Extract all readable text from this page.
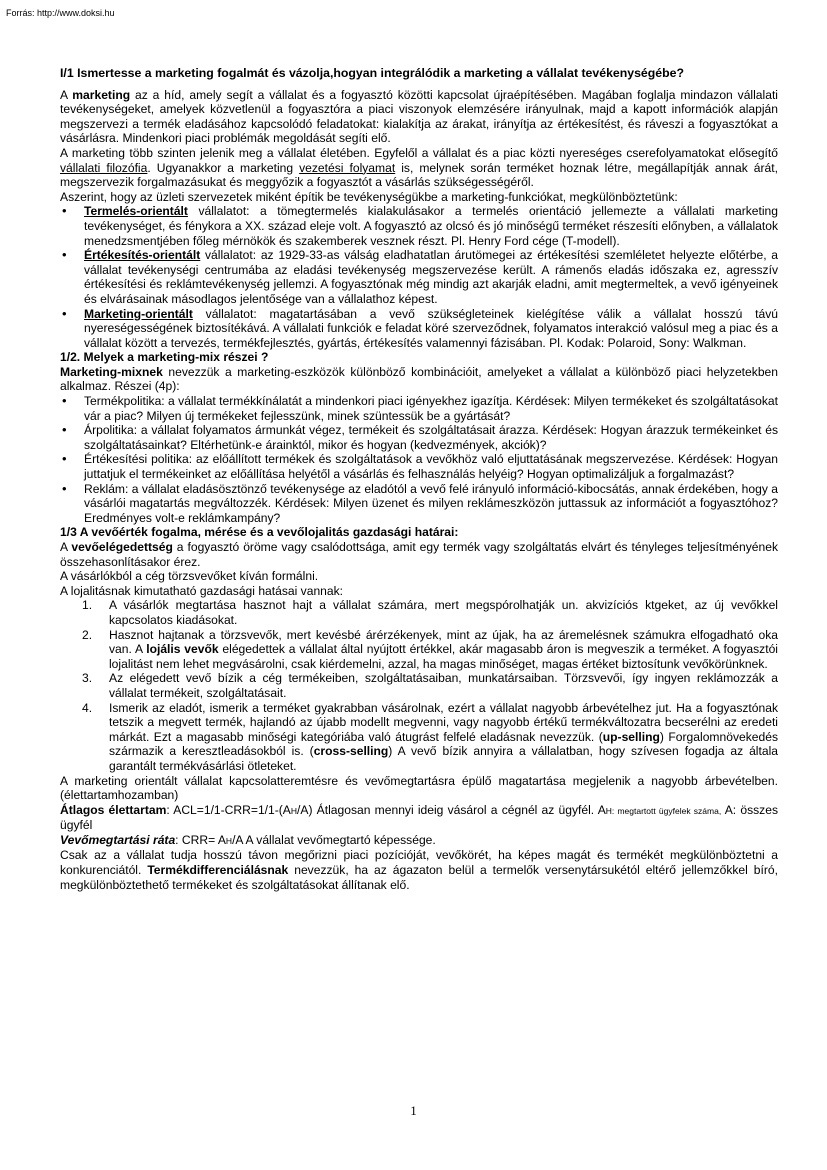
Forrás: http://www.doksi.hu

I/1 Ismertesse a marketing fogalmát és vázolja,hogyan integrálódik a marketing a vállalat tevékenységébe?

A marketing az a híd, amely segít a vállalat és a fogyasztó közötti kapcsolat újraépítésében. Magában foglalja mindazon vállalati tevékenységeket, amelyek közvetlenül a fogyasztóra a piaci viszonyok elemzésére irányulnak, majd a kapott információk alapján megszervezi a termék eladásához kapcsolódó feladatokat: kialakítja az árakat, irányítja az értékesítést, és ráveszi a fogyasztókat a vásárlásra. Mindenkori piaci problémák megoldását segíti elő.

A marketing több szinten jelenik meg a vállalat életében. Egyfelől a vállalat és a piac közti nyereséges cserefolyamatokat elősegítő vállalati filozófia. Ugyanakkor a marketing vezetési folyamat is, melynek során terméket hoznak létre, megállapítják annak árát, megszervezik forgalmazásukat és meggyőzik a fogyasztót a vásárlás szükségességéről.

Aszerint, hogy az üzleti szervezetek miként építik be tevékenységükbe a marketing-funkciókat, megkülönböztetünk:

• Termelés-orientált vállalatot: a tömegtermelés kialakulásakor a termelés orientáció jellemezte a vállalati marketing tevékenységet, és fénykora a XX. század eleje volt. A fogyasztó az olcsó és jó minőségű terméket részesíti előnyben, a vállalatok menedzsmentjében főleg mérnökök és szakemberek vesznek részt. Pl. Henry Ford cége (T-modell).
• Értékesítés-orientált vállalatot: az 1929-33-as válság eladhatatlan árutömegei az értékesítési szemléletet helyezte előtérbe, a vállalat tevékenységi centrumába az eladási tevékenység megszervezése került. A rámenős eladás időszaka ez, agresszív értékesítési és reklámtevékenység jellemzi. A fogyasztónak még mindig azt akarják eladni, amit megtermeltek, a vevő igényeinek és elvárásainak másodlagos jelentősége van a vállalathoz képest.
• Marketing-orientált vállalatot: magatartásában a vevő szükségleteinek kielégítése válik a vállalat hosszú távú nyereségességének biztosítékává. A vállalati funkciók e feladat köré szerveződnek, folyamatos interakció valósul meg a piac és a vállalat között a tervezés, termékfejlesztés, gyártás, értékesítés valamennyi fázisában. Pl. Kodak: Polaroid, Sony: Walkman.

1/2. Melyek a marketing-mix részei ?

Marketing-mixnek nevezzük a marketing-eszközök különböző kombinációit, amelyeket a vállalat a különböző piaci helyzetekben alkalmaz. Részei (4p):

• Termékpolitika: a vállalat termékkínálatát a mindenkori piaci igényekhez igazítja. Kérdések: Milyen termékeket és szolgáltatásokat vár a piac? Milyen új termékeket fejlesszünk, minek szüntessük be a gyártását?
• Árpolitika: a vállalat folyamatos ármunkát végez, termékeit és szolgáltatásait árazza. Kérdések: Hogyan árazzuk termékeinket és szolgáltatásainkat? Eltérhetünk-e árainktól, mikor és hogyan (kedvezmények, akciók)?
• Értékesítési politika: az előállított termékek és szolgáltatások a vevőkhöz való eljuttatásának megszervezése. Kérdések: Hogyan juttatjuk el termékeinket az előállítása helyétől a vásárlás és felhasználás helyéig? Hogyan optimalizáljuk a forgalmazást?
• Reklám: a vállalat eladásösztönző tevékenysége az eladótól a vevő felé irányuló információ-kibocsátás, annak érdekében, hogy a vásárlói magatartás megváltozzék. Kérdések: Milyen üzenet és milyen reklámeszközön juttassuk az információt a fogyasztóhoz? Eredményes volt-e reklámkampány?

1/3 A vevőérték fogalma, mérése és a vevőlojalitás gazdasági határai:

A vevőelégedettség a fogyasztó öröme vagy csalódottsága, amit egy termék vagy szolgáltatás elvárt és tényleges teljesítményének összehasonlításakor érez.

A vásárlókból a cég törzsvevőket kíván formálni.

A lojalitásnak kimutatható gazdasági hatásai vannak:

1. A vásárlók megtartása hasznot hajt a vállalat számára, mert megspórolhatják un. akvizíciós ktgeket, az új vevőkkel kapcsolatos kiadásokat.
2. Hasznot hajtanak a törzsvevők, mert kevésbé árérzékenyek, mint az újak, ha az áremelésnek számukra elfogadható oka van. A lojális vevők elégedettek a vállalat által nyújtott értékkel, akár magasabb áron is megveszik a terméket. A fogyasztói lojalitást nem lehet megvásárolni, csak kiérdemelni, azzal, ha magas minőséget, magas értéket biztosítunk vevőkörünknek.
3. Az elégedett vevő bízik a cég termékeiben, szolgáltatásaiban, munkatársaiban. Törzsvevői, így ingyen reklámozzák a vállalat termékeit, szolgáltatásait.
4. Ismerik az eladót, ismerik a terméket gyakrabban vásárolnak, ezért a vállalat nagyobb árbevételhez jut. Ha a fogyasztónak tetszik a megvett termék, hajlandó az újabb modellt megvenni, vagy nagyobb értékű termékváltozatra becserélni az eredeti márkát. Ezt a magasabb minőségi kategóriába való átugrást felfelé eladásnak nevezzük. (up-selling) Forgalomnövekedés származik a keresztleadásokból is. (cross-selling) A vevő bízik annyira a vállalatban, hogy szívesen fogadja az általa garantált termékvásárlási ötleteket.

A marketing orientált vállalat kapcsolatteremtésre és vevőmegtartásra épülő magatartása megjelenik a nagyobb árbevételben. (élettartamhozamban)

Átlagos élettartam: ACL=1/1-CRR=1/1-(AH/A) Átlagosan mennyi ideig vásárol a cégnél az ügyfél. AH: megtartott ügyfelek száma, A: összes ügyfél

Vevőmegtartási ráta: CRR= AH/A A vállalat vevőmegtartó képessége.

Csak az a vállalat tudja hosszú távon megőrizni piaci pozícióját, vevőkörét, ha képes magát és termékét megkülönböztetni a konkurenciától. Termékdifferenciálásnak nevezzük, ha az ágazaton belül a termelők versenytársukétól eltérő jellemzőkkel bíró, megkülönböztethető termékeket és szolgáltatásokat állítanak elő.

1
